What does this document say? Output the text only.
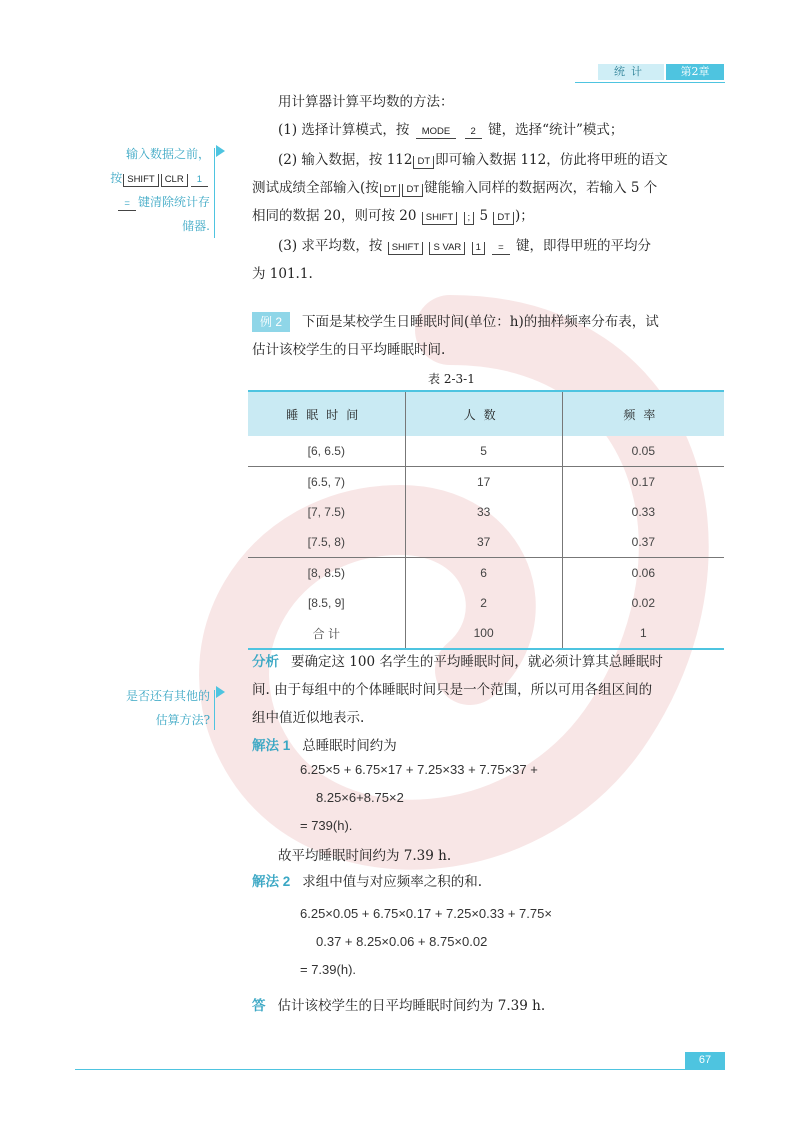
统计	第2章
输入数据之前，
按 SHIFT CLR 1
= 键清除统计存
储器.
用计算器计算平均数的方法：
(1) 选择计算模式，按 MODE 2 键，选择“统计”模式；
(2) 输入数据，按 112 DT 即可输入数据 112，仿此将甲班的语文
测试成绩全部输入(按 DT DT 键能输入同样的数据两次，若输入 5 个
相同的数据 20，则可按 20 SHIFT ; 5 DT )；
(3) 求平均数，按 SHIFT S VAR 1 = 键，即得甲班的平均分
为 101.1.
例 2 下面是某校学生日睡眠时间(单位：h)的抽样频率分布表，试
估计该校学生的日平均睡眠时间.
表 2-3-1
睡眠时间	人数	频率
[6, 6.5)	5	0.05
[6.5, 7)	17	0.17
[7, 7.5)	33	0.33
[7.5, 8)	37	0.37
[8, 8.5)	6	0.06
[8.5, 9]	2	0.02
合 计	100	1
是否还有其他的
估算方法?
分析 要确定这 100 名学生的平均睡眠时间，就必须计算其总睡眠时
间. 由于每组中的个体睡眠时间只是一个范围，所以可用各组区间的
组中值近似地表示.
解法 1 总睡眠时间约为
6.25×5 + 6.75×17 + 7.25×33 + 7.75×37 +
8.25×6+8.75×2
= 739(h).
故平均睡眠时间约为 7.39 h.
解法 2 求组中值与对应频率之积的和.
6.25×0.05 + 6.75×0.17 + 7.25×0.33 + 7.75×
0.37 + 8.25×0.06 + 8.75×0.02
= 7.39(h).
答 估计该校学生的日平均睡眠时间约为 7.39 h.
67
